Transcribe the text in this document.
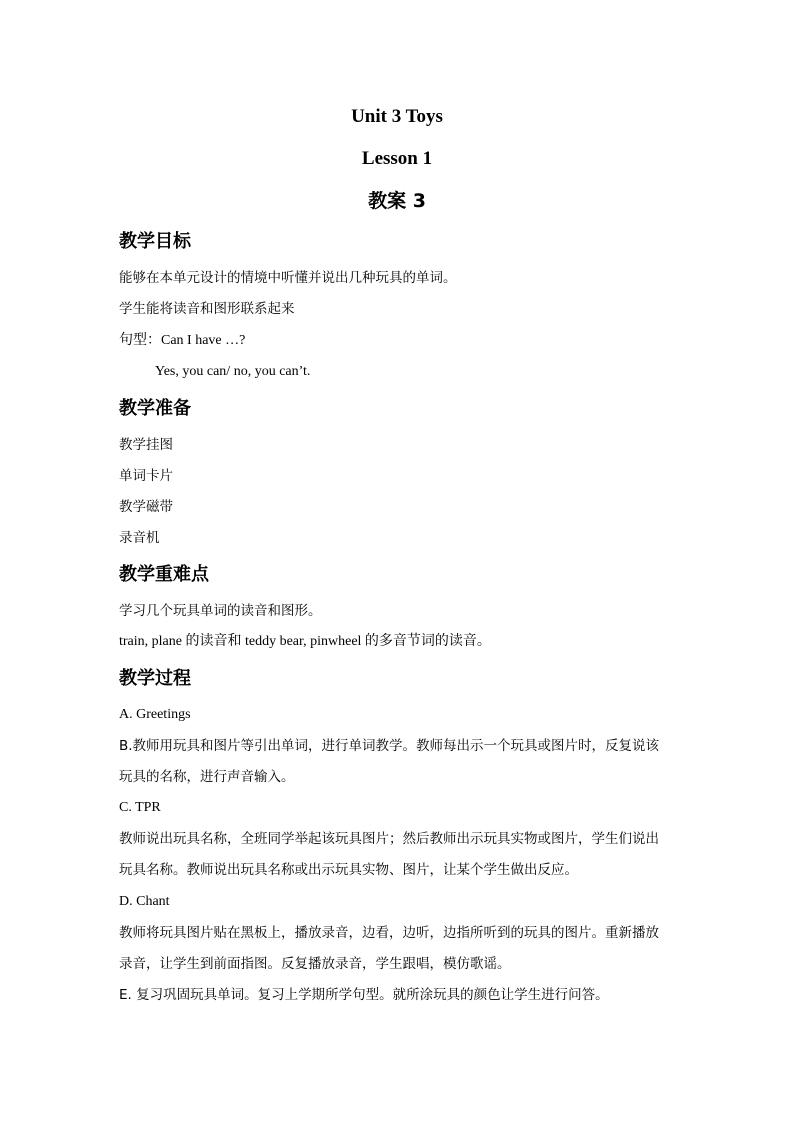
Unit 3 Toys
Lesson 1
教案 3
教学目标
能够在本单元设计的情境中听懂并说出几种玩具的单词。
学生能将读音和图形联系起来
句型：Can I have …?
Yes, you can/ no, you can’t.
教学准备
教学挂图
单词卡片
教学磁带
录音机
教学重难点
学习几个玩具单词的读音和图形。
train, plane 的读音和 teddy bear, pinwheel 的多音节词的读音。
教学过程
A. Greetings
B.教师用玩具和图片等引出单词，进行单词教学。教师每出示一个玩具或图片时，反复说该
玩具的名称，进行声音输入。
C. TPR
教师说出玩具名称，全班同学举起该玩具图片；然后教师出示玩具实物或图片，学生们说出
玩具名称。教师说出玩具名称或出示玩具实物、图片，让某个学生做出反应。
D. Chant
教师将玩具图片贴在黑板上，播放录音，边看，边听，边指所听到的玩具的图片。重新播放
录音，让学生到前面指图。反复播放录音，学生跟唱，模仿歌谣。
E. 复习巩固玩具单词。复习上学期所学句型。就所涂玩具的颜色让学生进行问答。
